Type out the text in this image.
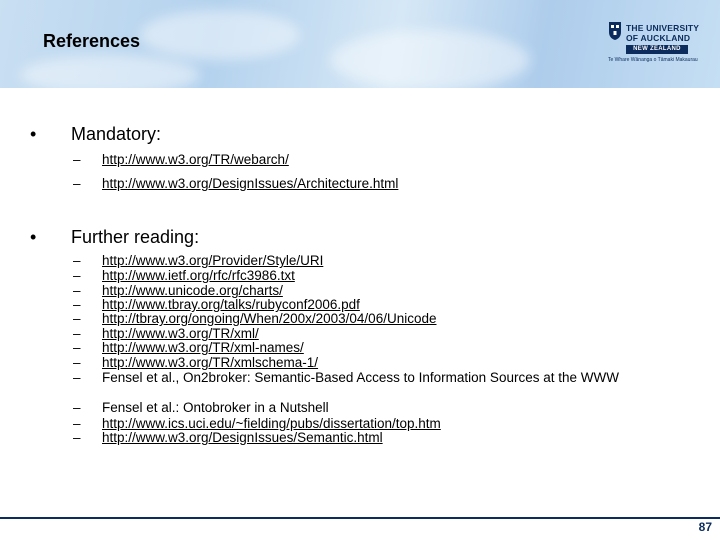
References
THE UNIVERSITY
OF AUCKLAND
NEW ZEALAND
Te Whare Wānanga o Tāmaki Makaurau
• Mandatory:
– http://www.w3.org/TR/webarch/
– http://www.w3.org/DesignIssues/Architecture.html
• Further reading:
– http://www.w3.org/Provider/Style/URI
– http://www.ietf.org/rfc/rfc3986.txt
– http://www.unicode.org/charts/
– http://www.tbray.org/talks/rubyconf2006.pdf
– http://tbray.org/ongoing/When/200x/2003/04/06/Unicode
– http://www.w3.org/TR/xml/
– http://www.w3.org/TR/xml-names/
– http://www.w3.org/TR/xmlschema-1/
– Fensel et al., On2broker: Semantic-Based Access to Information Sources at the WWW
– Fensel et al.: Ontobroker in a Nutshell
– http://www.ics.uci.edu/~fielding/pubs/dissertation/top.htm
– http://www.w3.org/DesignIssues/Semantic.html
87
